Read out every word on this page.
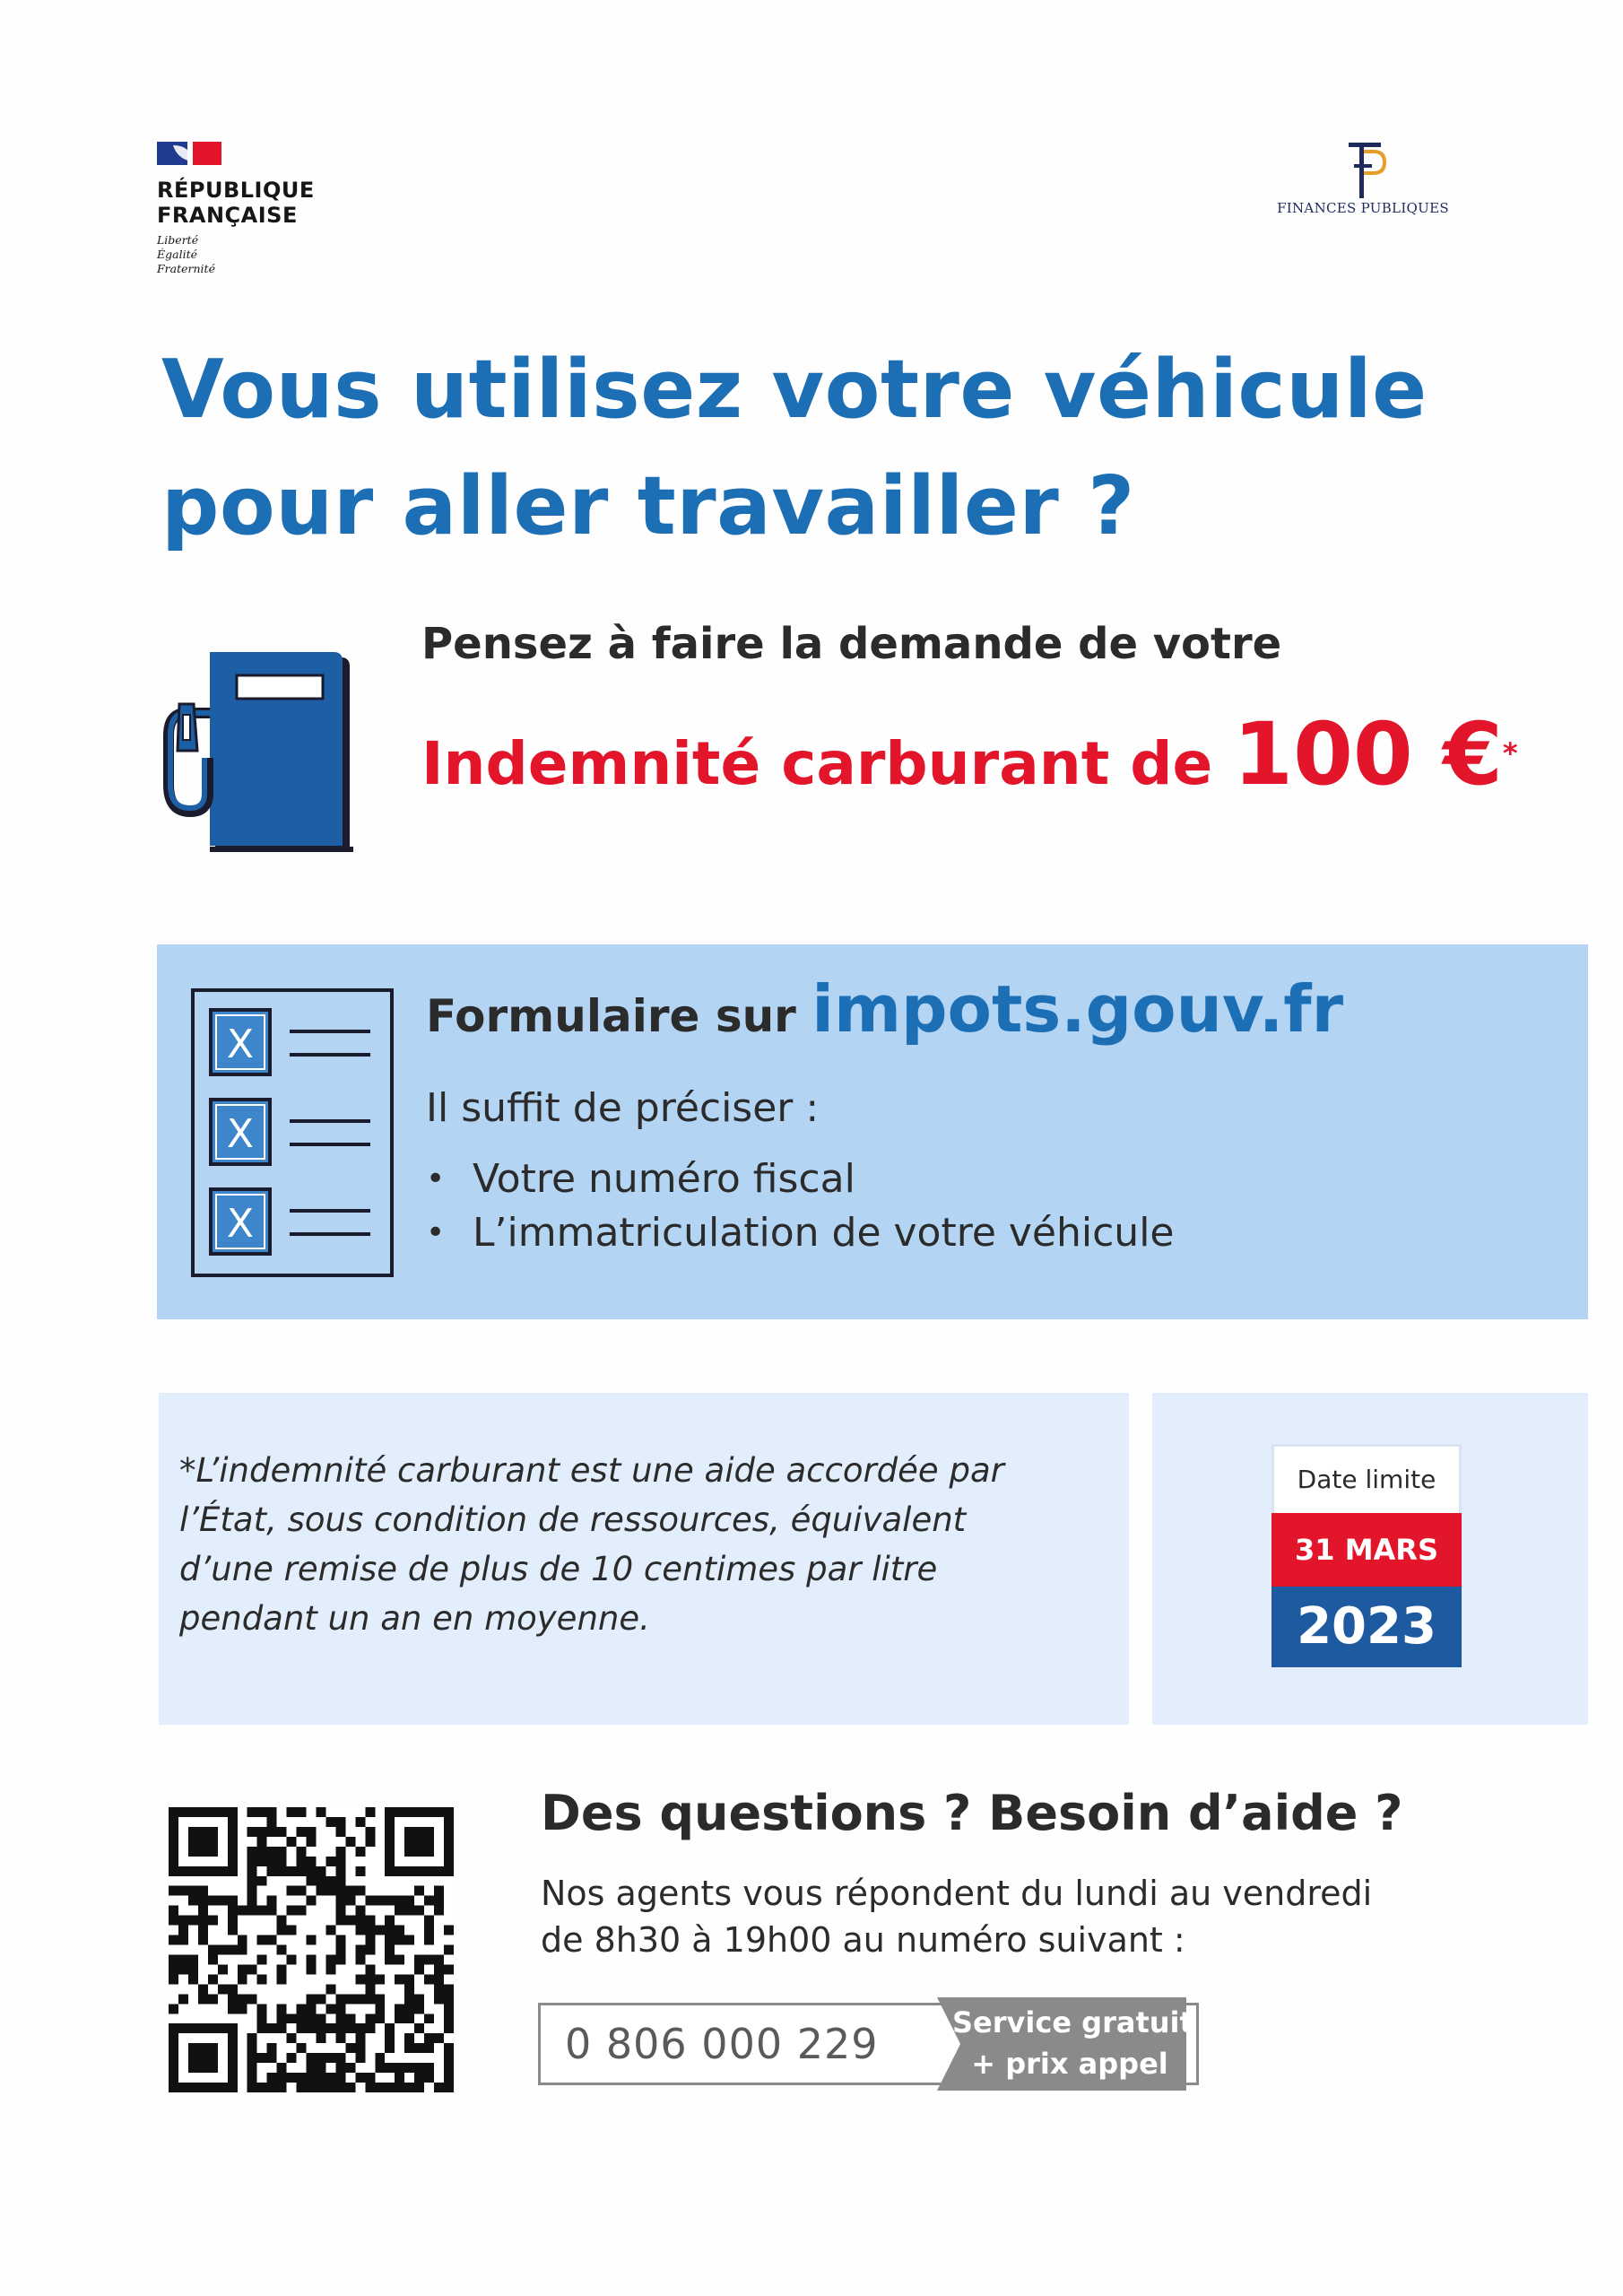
RÉPUBLIQUE
FRANÇAISE
Liberté
Égalité
Fraternité
FINANCES PUBLIQUES
Vous utilisez votre véhicule
pour aller travailler ?
Pensez à faire la demande de votre
Indemnité carburant de 100 €*
X
X
X
Formulaire sur impots.gouv.fr
Il suffit de préciser :
• Votre numéro fiscal
• L’immatriculation de votre véhicule
*L’indemnité carburant est une aide accordée par
l’État, sous condition de ressources, équivalent
d’une remise de plus de 10 centimes par litre
pendant un an en moyenne.
Date limite
31 MARS
2023
Des questions ? Besoin d’aide ?
Nos agents vous répondent du lundi au vendredi
de 8h30 à 19h00 au numéro suivant :
0 806 000 229	Service gratuit
+ prix appel
